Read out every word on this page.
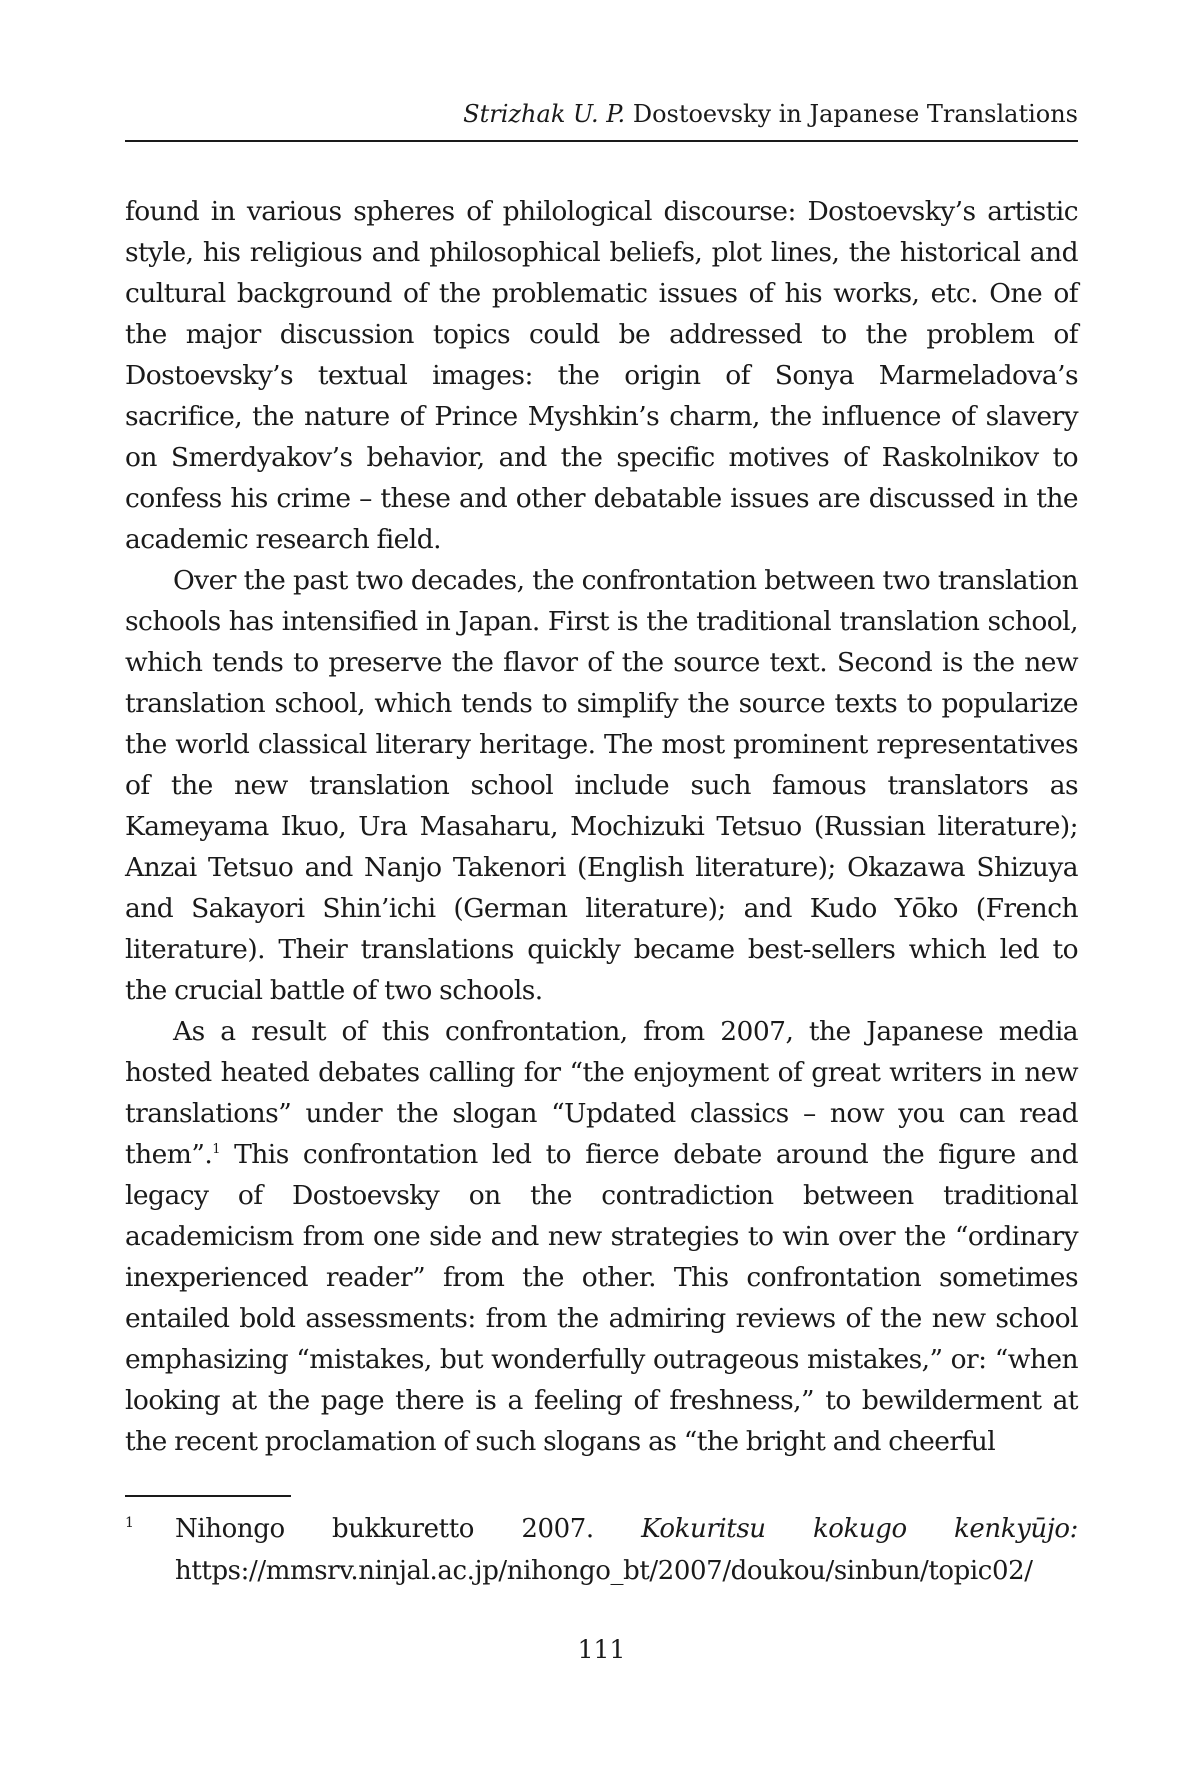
Strizhak U. P. Dostoevsky in Japanese Translations

found in various spheres of philological discourse: Dostoevsky’s artistic style, his religious and philosophical beliefs, plot lines, the historical and cultural background of the problematic issues of his works, etc. One of the major discussion topics could be addressed to the problem of Dostoevsky’s textual images: the origin of Sonya Marmeladova’s sacrifice, the nature of Prince Myshkin’s charm, the influence of slavery on Smerdyakov’s behavior, and the specific motives of Raskolnikov to confess his crime – these and other debatable issues are discussed in the academic research field.

Over the past two decades, the confrontation between two translation schools has intensified in Japan. First is the traditional translation school, which tends to preserve the flavor of the source text. Second is the new translation school, which tends to simplify the source texts to popularize the world classical literary heritage. The most prominent representatives of the new translation school include such famous translators as Kameyama Ikuo, Ura Masaharu, Mochizuki Tetsuo (Russian literature); Anzai Tetsuo and Nanjo Takenori (English literature); Okazawa Shizuya and Sakayori Shin’ichi (German literature); and Kudo Yōko (French literature). Their translations quickly became best-sellers which led to the crucial battle of two schools.

As a result of this confrontation, from 2007, the Japanese media hosted heated debates calling for “the enjoyment of great writers in new translations” under the slogan “Updated classics – now you can read them”.$^1$ This confrontation led to fierce debate around the figure and legacy of Dostoevsky on the contradiction between traditional academicism from one side and new strategies to win over the “ordinary inexperienced reader” from the other. This confrontation sometimes entailed bold assessments: from the admiring reviews of the new school emphasizing “mistakes, but wonderfully outrageous mistakes,” or: “when looking at the page there is a feeling of freshness,” to bewilderment at the recent proclamation of such slogans as “the bright and cheerful

1 Nihongo bukkuretto 2007. Kokuritsu kokugo kenkyūjo: https://mmsrv.ninjal.ac.jp/nihongo_bt/2007/doukou/sinbun/topic02/
111
